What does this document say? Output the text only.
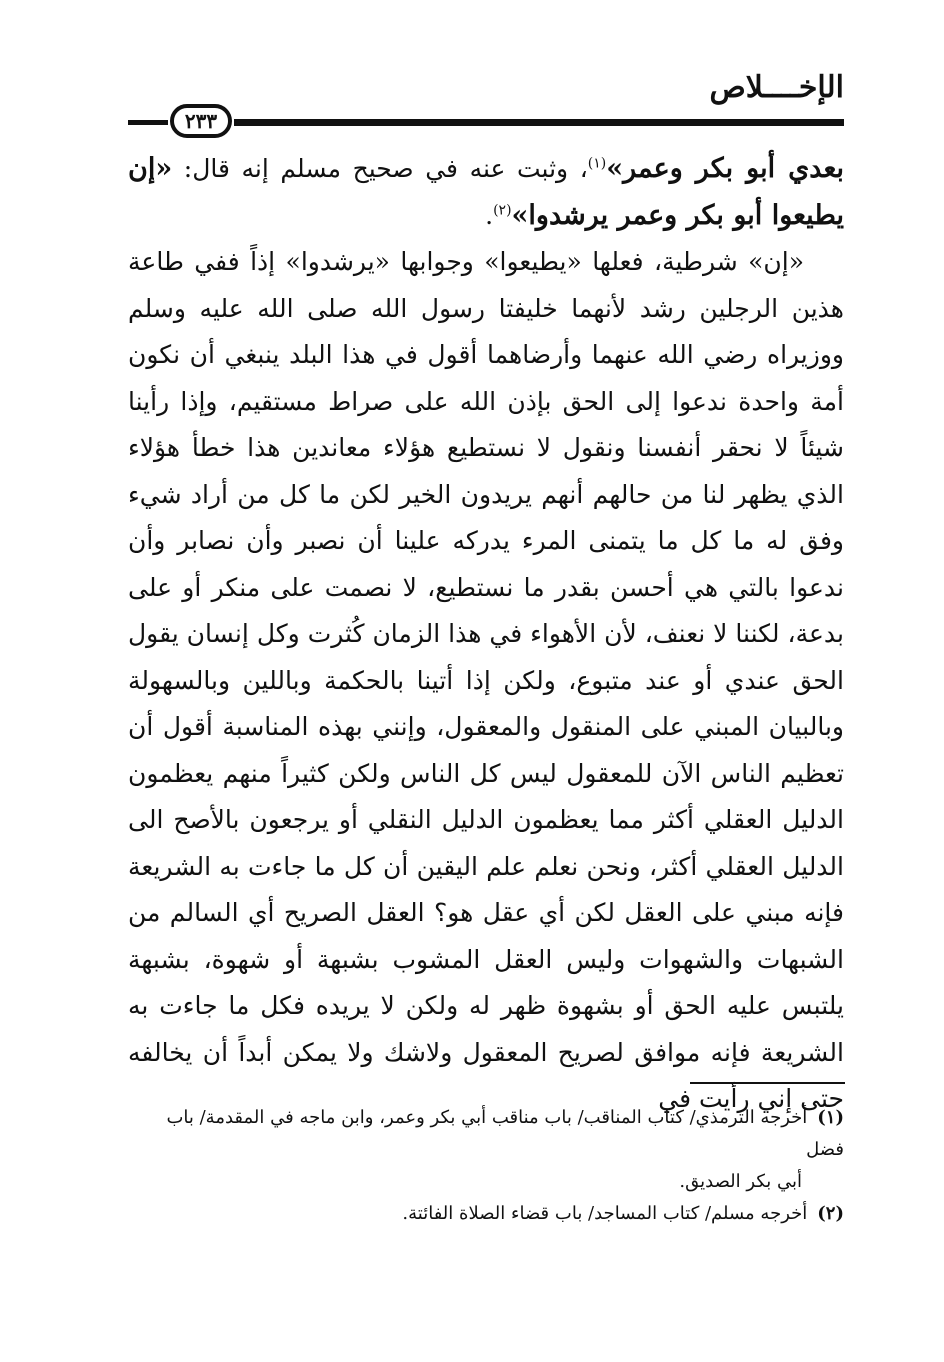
الإخــــلاص
٢٣٣

بعدي أبو بكر وعمر»$^{(١)}$، وثبت عنه في صحيح مسلم إنه قال: «إن يطيعوا أبو بكر وعمر يرشدوا»$^{(٢)}$.

«إن» شرطية، فعلها «يطيعوا» وجوابها «يرشدوا» إذاً ففي طاعة هذين الرجلين رشد لأنهما خليفتا رسول الله صلى الله عليه وسلم ووزيراه رضي الله عنهما وأرضاهما أقول في هذا البلد ينبغي أن نكون أمة واحدة ندعوا إلى الحق بإذن الله على صراط مستقيم، وإذا رأينا شيئاً لا نحقر أنفسنا ونقول لا نستطيع هؤلاء معاندين هذا خطأ هؤلاء الذي يظهر لنا من حالهم أنهم يريدون الخير لكن ما كل من أراد شيء وفق له ما كل ما يتمنى المرء يدركه علينا أن نصبر وأن نصابر وأن ندعوا بالتي هي أحسن بقدر ما نستطيع، لا نصمت على منكر أو على بدعة، لكننا لا نعنف، لأن الأهواء في هذا الزمان كُثرت وكل إنسان يقول الحق عندي أو عند متبوع، ولكن إذا أتينا بالحكمة وباللين وبالسهولة وبالبيان المبني على المنقول والمعقول، وإنني بهذه المناسبة أقول أن تعظيم الناس الآن للمعقول ليس كل الناس ولكن كثيراً منهم يعظمون الدليل العقلي أكثر مما يعظمون الدليل النقلي أو يرجعون بالأصح الى الدليل العقلي أكثر، ونحن نعلم علم اليقين أن كل ما جاءت به الشريعة فإنه مبني على العقل لكن أي عقل هو؟ العقل الصريح أي السالم من الشبهات والشهوات وليس العقل المشوب بشبهة أو شهوة، بشبهة يلتبس عليه الحق أو بشهوة ظهر له ولكن لا يريده فكل ما جاءت به الشريعة فإنه موافق لصريح المعقول ولاشك ولا يمكن أبداً أن يخالفه حتى إني رأيت في

(١)أخرجه الترمذي/ كتاب المناقب/ باب مناقب أبي بكر وعمر، وابن ماجه في المقدمة/ باب فضل

أبي بكر الصديق.

(٢)أخرجه مسلم/ كتاب المساجد/ باب قضاء الصلاة الفائتة.
